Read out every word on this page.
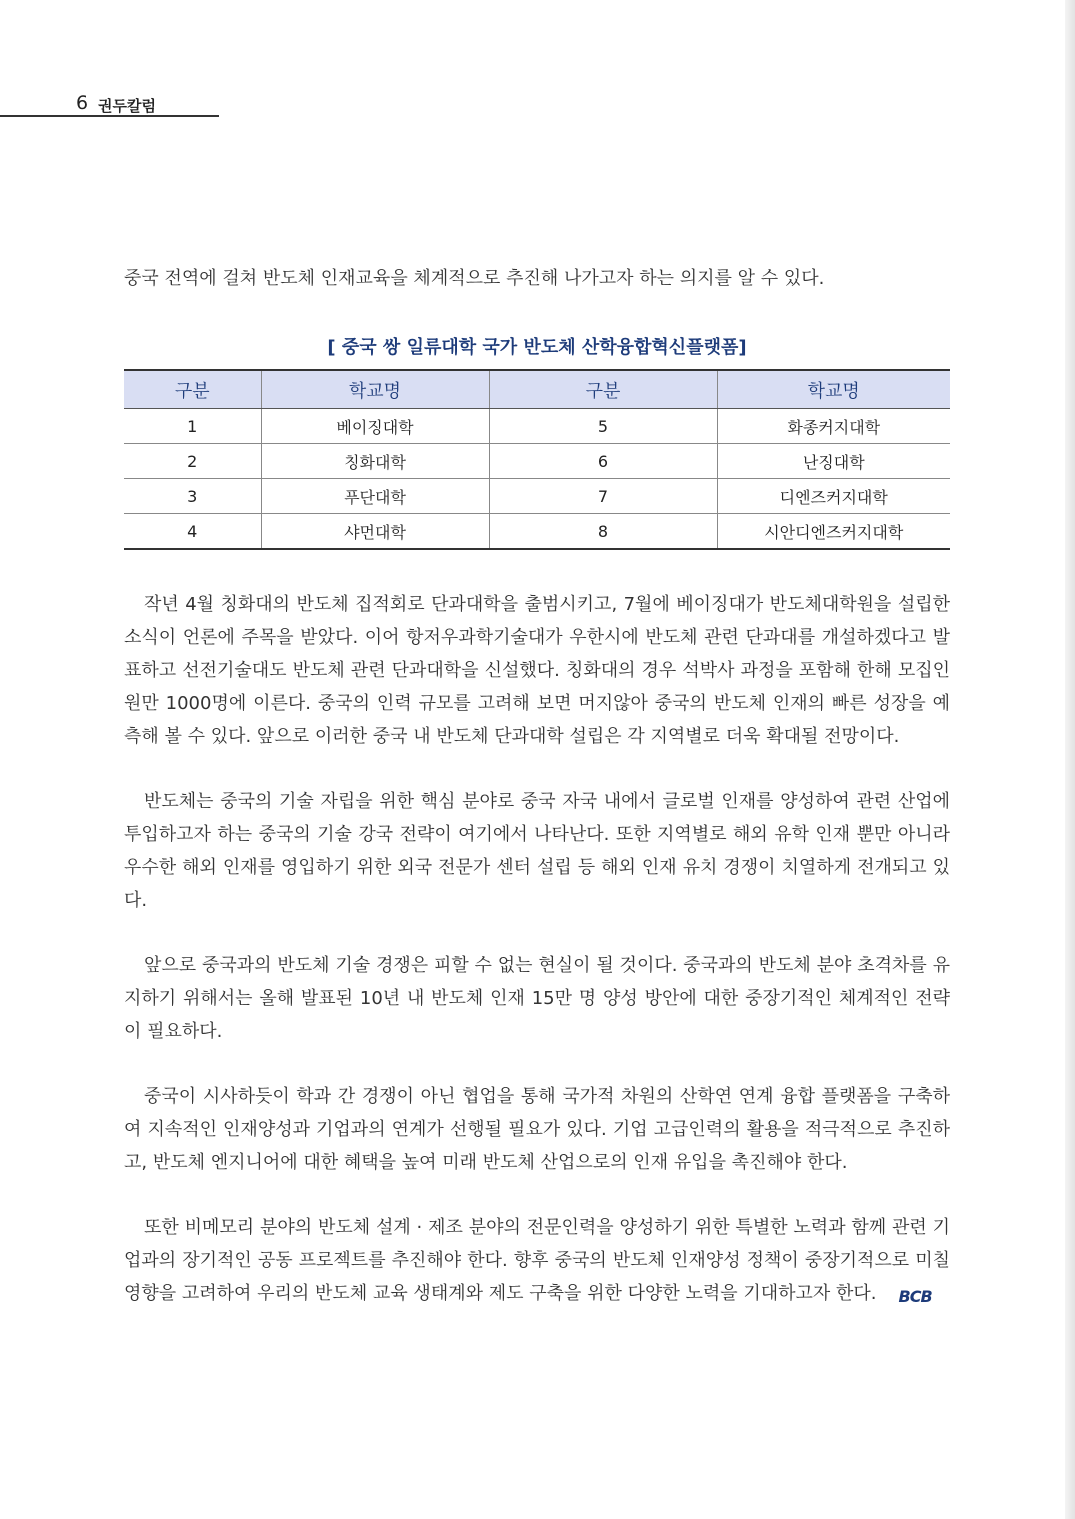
6 권두칼럼

중국 전역에 걸쳐 반도체 인재교육을 체계적으로 추진해 나가고자 하는 의지를 알 수 있다.

[ 중국 쌍 일류대학 국가 반도체 산학융합혁신플랫폼]
구분	학교명	구분	학교명
1	베이징대학	5	화종커지대학
2	칭화대학	6	난징대학
3	푸단대학	7	디엔즈커지대학
4	샤먼대학	8	시안디엔즈커지대학

작년 4월 칭화대의 반도체 집적회로 단과대학을 출범시키고, 7월에 베이징대가 반도체대학원을 설립한 소식이 언론에 주목을 받았다. 이어 항저우과학기술대가 우한시에 반도체 관련 단과대를 개설하겠다고 발표하고 선전기술대도 반도체 관련 단과대학을 신설했다. 칭화대의 경우 석박사 과정을 포함해 한해 모집인원만 1000명에 이른다. 중국의 인력 규모를 고려해 보면 머지않아 중국의 반도체 인재의 빠른 성장을 예측해 볼 수 있다. 앞으로 이러한 중국 내 반도체 단과대학 설립은 각 지역별로 더욱 확대될 전망이다.

반도체는 중국의 기술 자립을 위한 핵심 분야로 중국 자국 내에서 글로벌 인재를 양성하여 관련 산업에 투입하고자 하는 중국의 기술 강국 전략이 여기에서 나타난다. 또한 지역별로 해외 유학 인재 뿐만 아니라 우수한 해외 인재를 영입하기 위한 외국 전문가 센터 설립 등 해외 인재 유치 경쟁이 치열하게 전개되고 있다.

앞으로 중국과의 반도체 기술 경쟁은 피할 수 없는 현실이 될 것이다. 중국과의 반도체 분야 초격차를 유지하기 위해서는 올해 발표된 10년 내 반도체 인재 15만 명 양성 방안에 대한 중장기적인 체계적인 전략이 필요하다.

중국이 시사하듯이 학과 간 경쟁이 아닌 협업을 통해 국가적 차원의 산학연 연계 융합 플랫폼을 구축하여 지속적인 인재양성과 기업과의 연계가 선행될 필요가 있다. 기업 고급인력의 활용을 적극적으로 추진하고, 반도체 엔지니어에 대한 혜택을 높여 미래 반도체 산업으로의 인재 유입을 촉진해야 한다.

또한 비메모리 분야의 반도체 설계 · 제조 분야의 전문인력을 양성하기 위한 특별한 노력과 함께 관련 기업과의 장기적인 공동 프로젝트를 추진해야 한다. 향후 중국의 반도체 인재양성 정책이 중장기적으로 미칠 영향을 고려하여 우리의 반도체 교육 생태계와 제도 구축을 위한 다양한 노력을 기대하고자 한다. BCB
